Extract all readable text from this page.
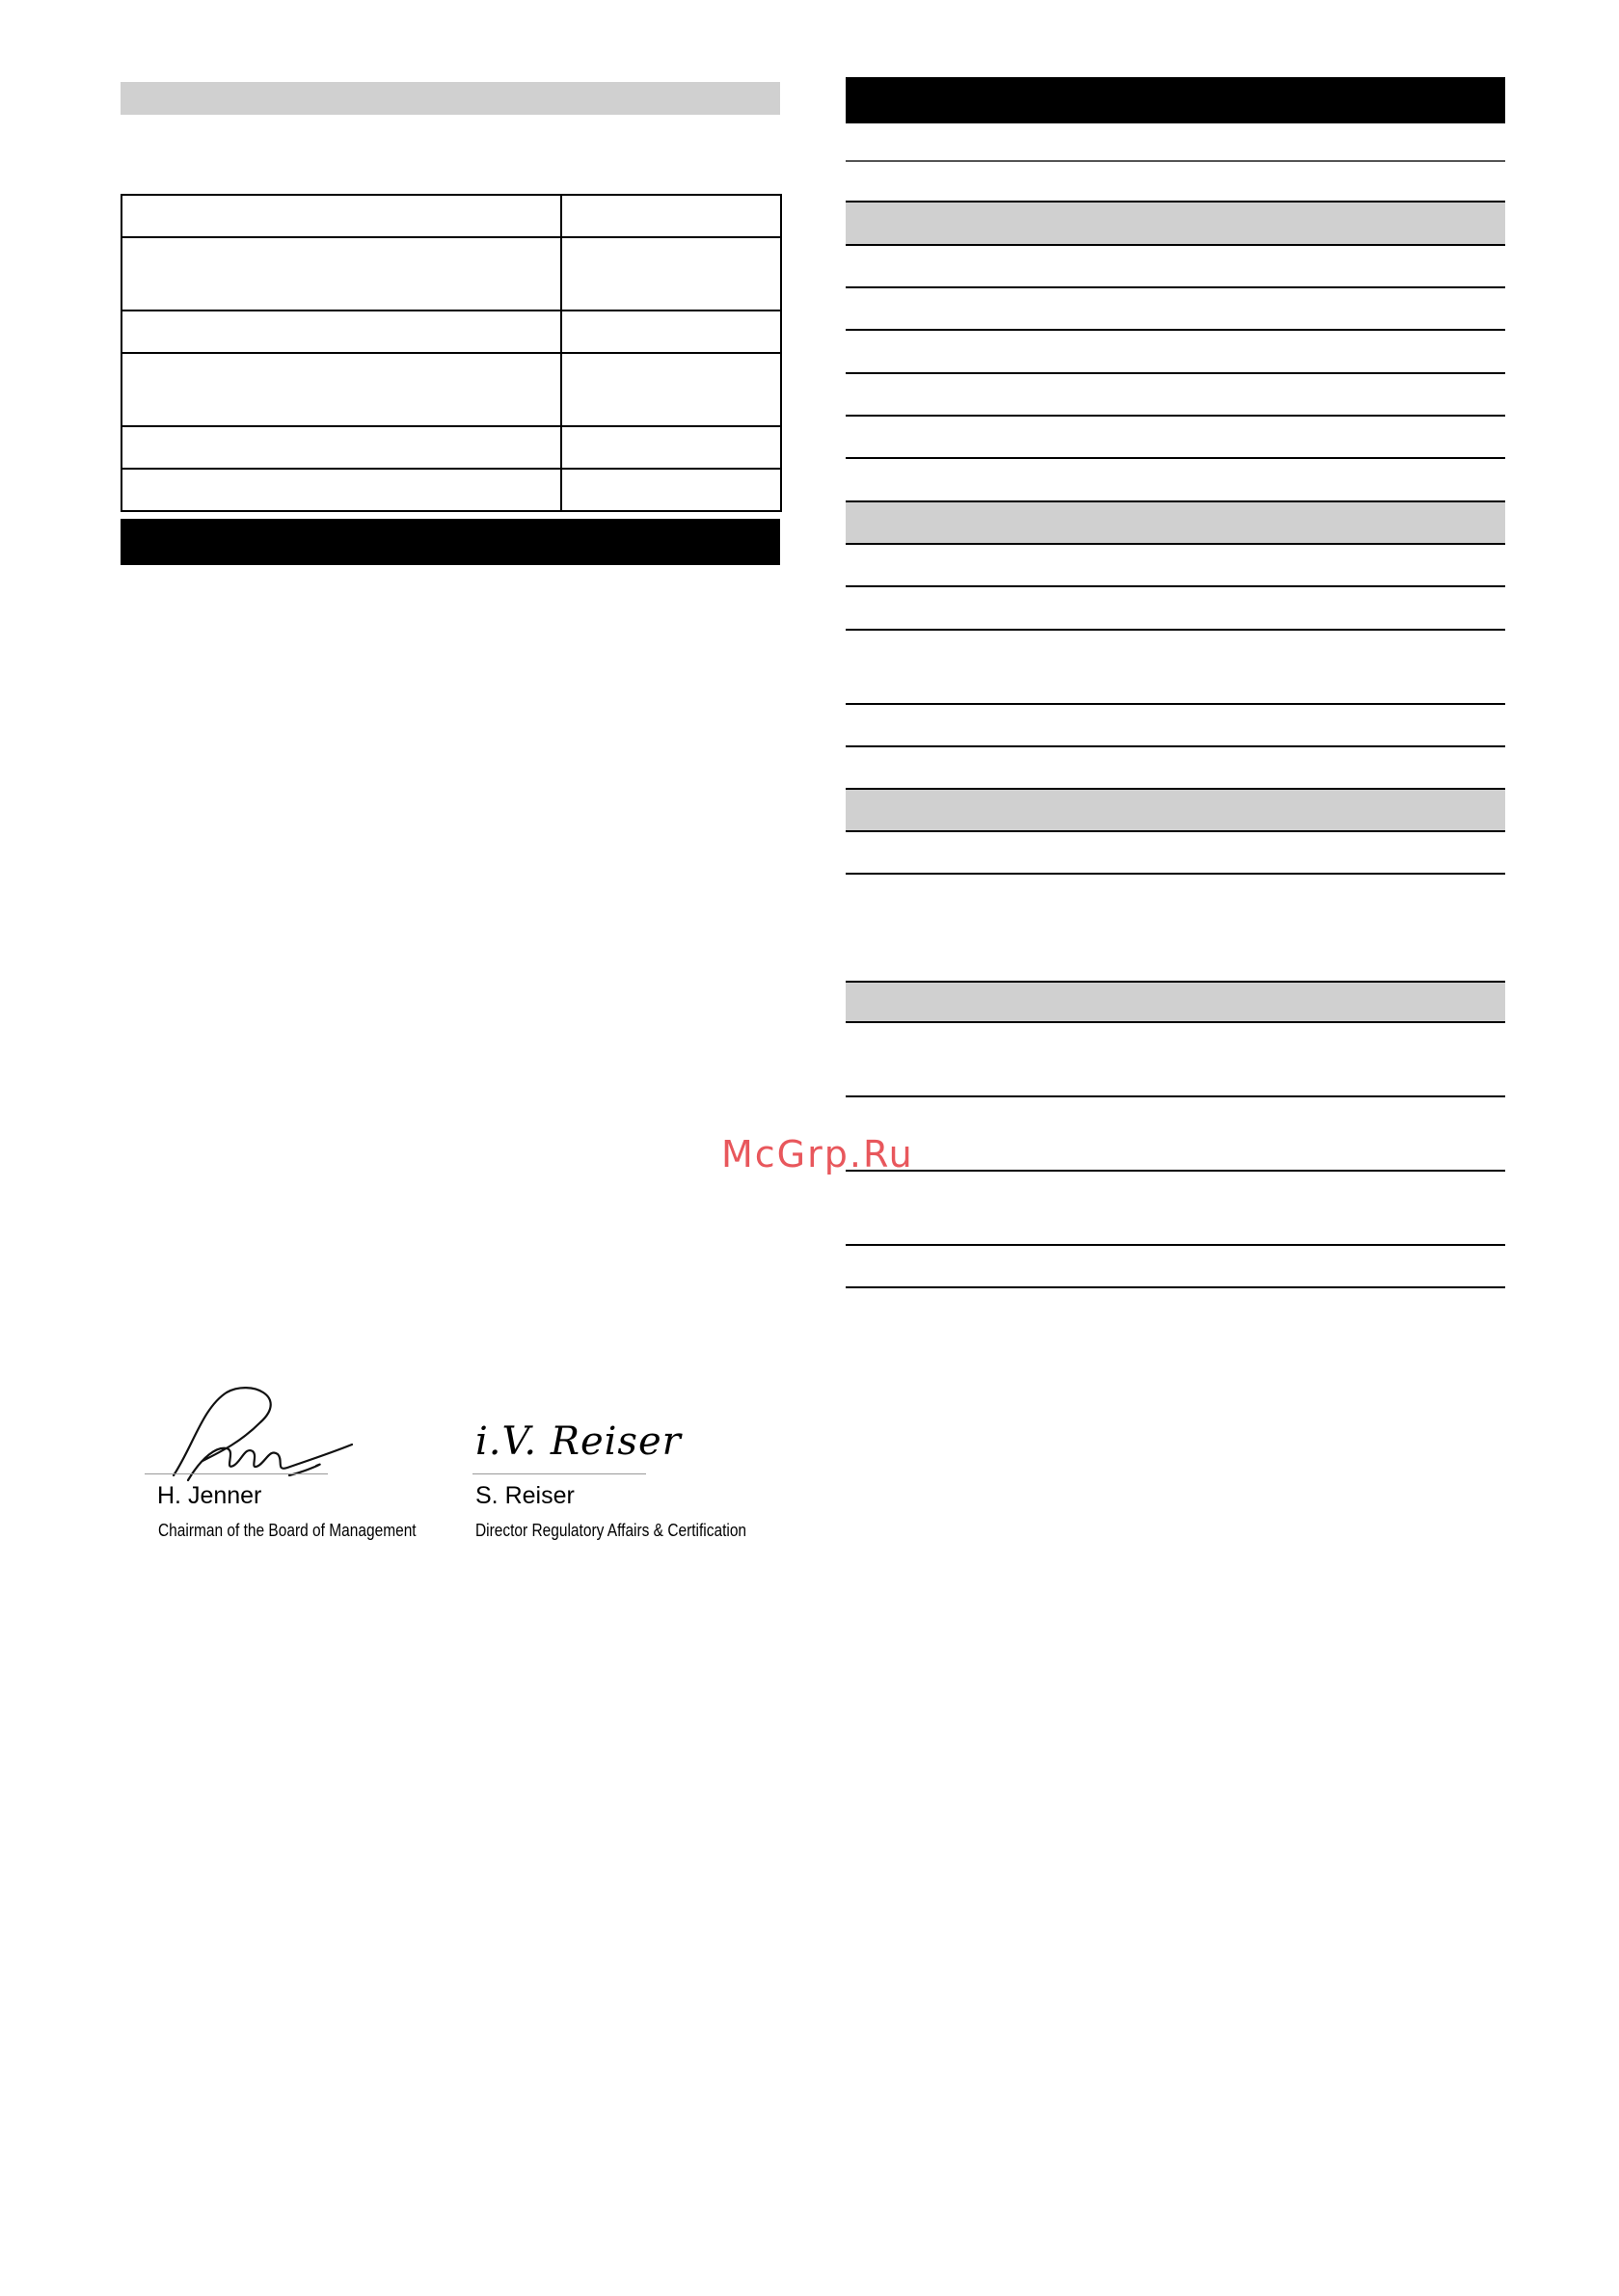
H. Jenner
Chairman of the Board of Management
i.V. Reiser
S. Reiser
Director Regulatory Affairs & Certification
McGrp.Ru
